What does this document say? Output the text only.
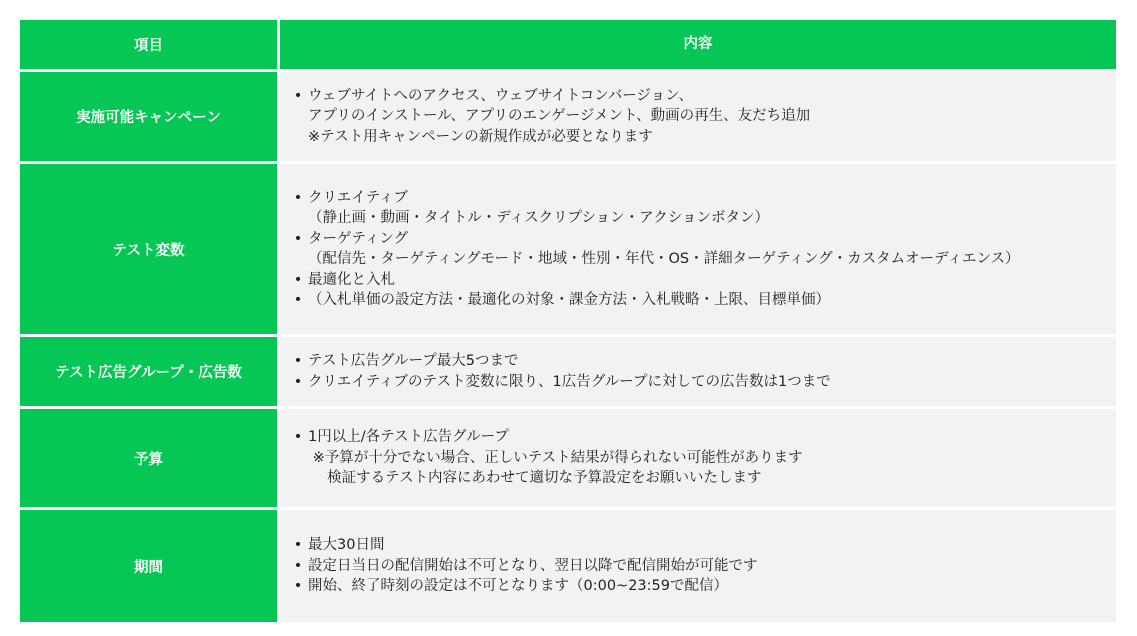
項目	内容
実施可能キャンペーン
• ウェブサイトへのアクセス、ウェブサイトコンバージョン、
アプリのインストール、アプリのエンゲージメント、動画の再生、友だち追加
※テスト用キャンペーンの新規作成が必要となります
テスト変数
• クリエイティブ
（静止画・動画・タイトル・ディスクリプション・アクションボタン）
• ターゲティング
（配信先・ターゲティングモード・地域・性別・年代・OS・詳細ターゲティング・カスタムオーディエンス）
• 最適化と入札
• （入札単価の設定方法・最適化の対象・課金方法・入札戦略・上限、目標単価）
テスト広告グループ・広告数
• テスト広告グループ最大5つまで
• クリエイティブのテスト変数に限り、1広告グループに対しての広告数は1つまで
予算
• 1円以上/各テスト広告グループ
※予算が十分でない場合、正しいテスト結果が得られない可能性があります
　 検証するテスト内容にあわせて適切な予算設定をお願いいたします
期間
• 最大30日間
• 設定日当日の配信開始は不可となり、翌日以降で配信開始が可能です
• 開始、終了時刻の設定は不可となります（0:00~23:59で配信）
